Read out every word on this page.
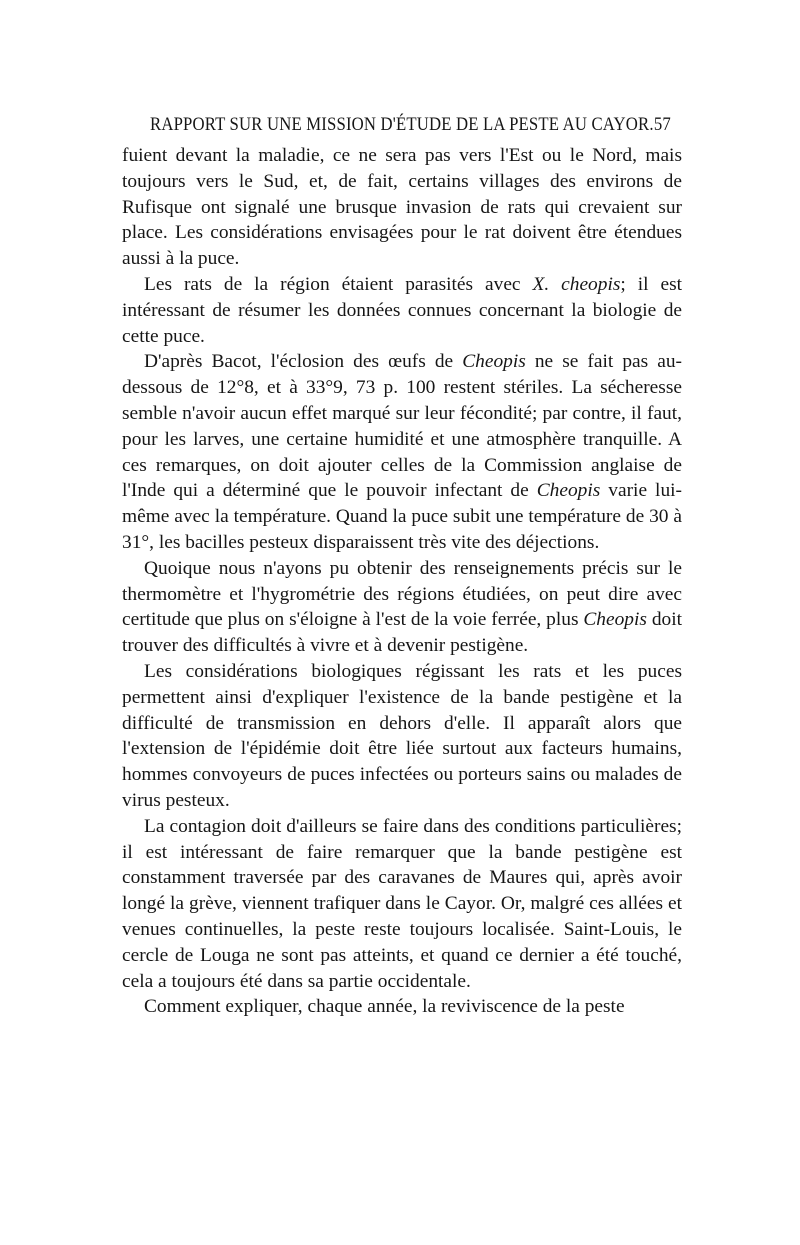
RAPPORT SUR UNE MISSION D'ÉTUDE DE LA PESTE AU CAYOR. 57

fuient devant la maladie, ce ne sera pas vers l'Est ou le Nord, mais toujours vers le Sud, et, de fait, certains villages des environs de Rufisque ont signalé une brusque invasion de rats qui crevaient sur place. Les considérations envisagées pour le rat doivent être étendues aussi à la puce.

Les rats de la région étaient parasités avec X. cheopis; il est intéressant de résumer les données connues concernant la biologie de cette puce.

D'après Bacot, l'éclosion des œufs de Cheopis ne se fait pas au-dessous de 12°8, et à 33°9, 73 p. 100 restent stériles. La sécheresse semble n'avoir aucun effet marqué sur leur fécondité; par contre, il faut, pour les larves, une certaine humidité et une atmosphère tranquille. A ces remarques, on doit ajouter celles de la Commission anglaise de l'Inde qui a déterminé que le pouvoir infectant de Cheopis varie lui-même avec la température. Quand la puce subit une température de 30 à 31°, les bacilles pesteux disparaissent très vite des déjections.

Quoique nous n'ayons pu obtenir des renseignements précis sur le thermomètre et l'hygrométrie des régions étudiées, on peut dire avec certitude que plus on s'éloigne à l'est de la voie ferrée, plus Cheopis doit trouver des difficultés à vivre et à devenir pestigène.

Les considérations biologiques régissant les rats et les puces permettent ainsi d'expliquer l'existence de la bande pestigène et la difficulté de transmission en dehors d'elle. Il apparaît alors que l'extension de l'épidémie doit être liée surtout aux facteurs humains, hommes convoyeurs de puces infectées ou porteurs sains ou malades de virus pesteux.

La contagion doit d'ailleurs se faire dans des conditions particulières; il est intéressant de faire remarquer que la bande pestigène est constamment traversée par des caravanes de Maures qui, après avoir longé la grève, viennent trafiquer dans le Cayor. Or, malgré ces allées et venues continuelles, la peste reste toujours localisée. Saint-Louis, le cercle de Louga ne sont pas atteints, et quand ce dernier a été touché, cela a toujours été dans sa partie occidentale.

Comment expliquer, chaque année, la reviviscence de la peste
